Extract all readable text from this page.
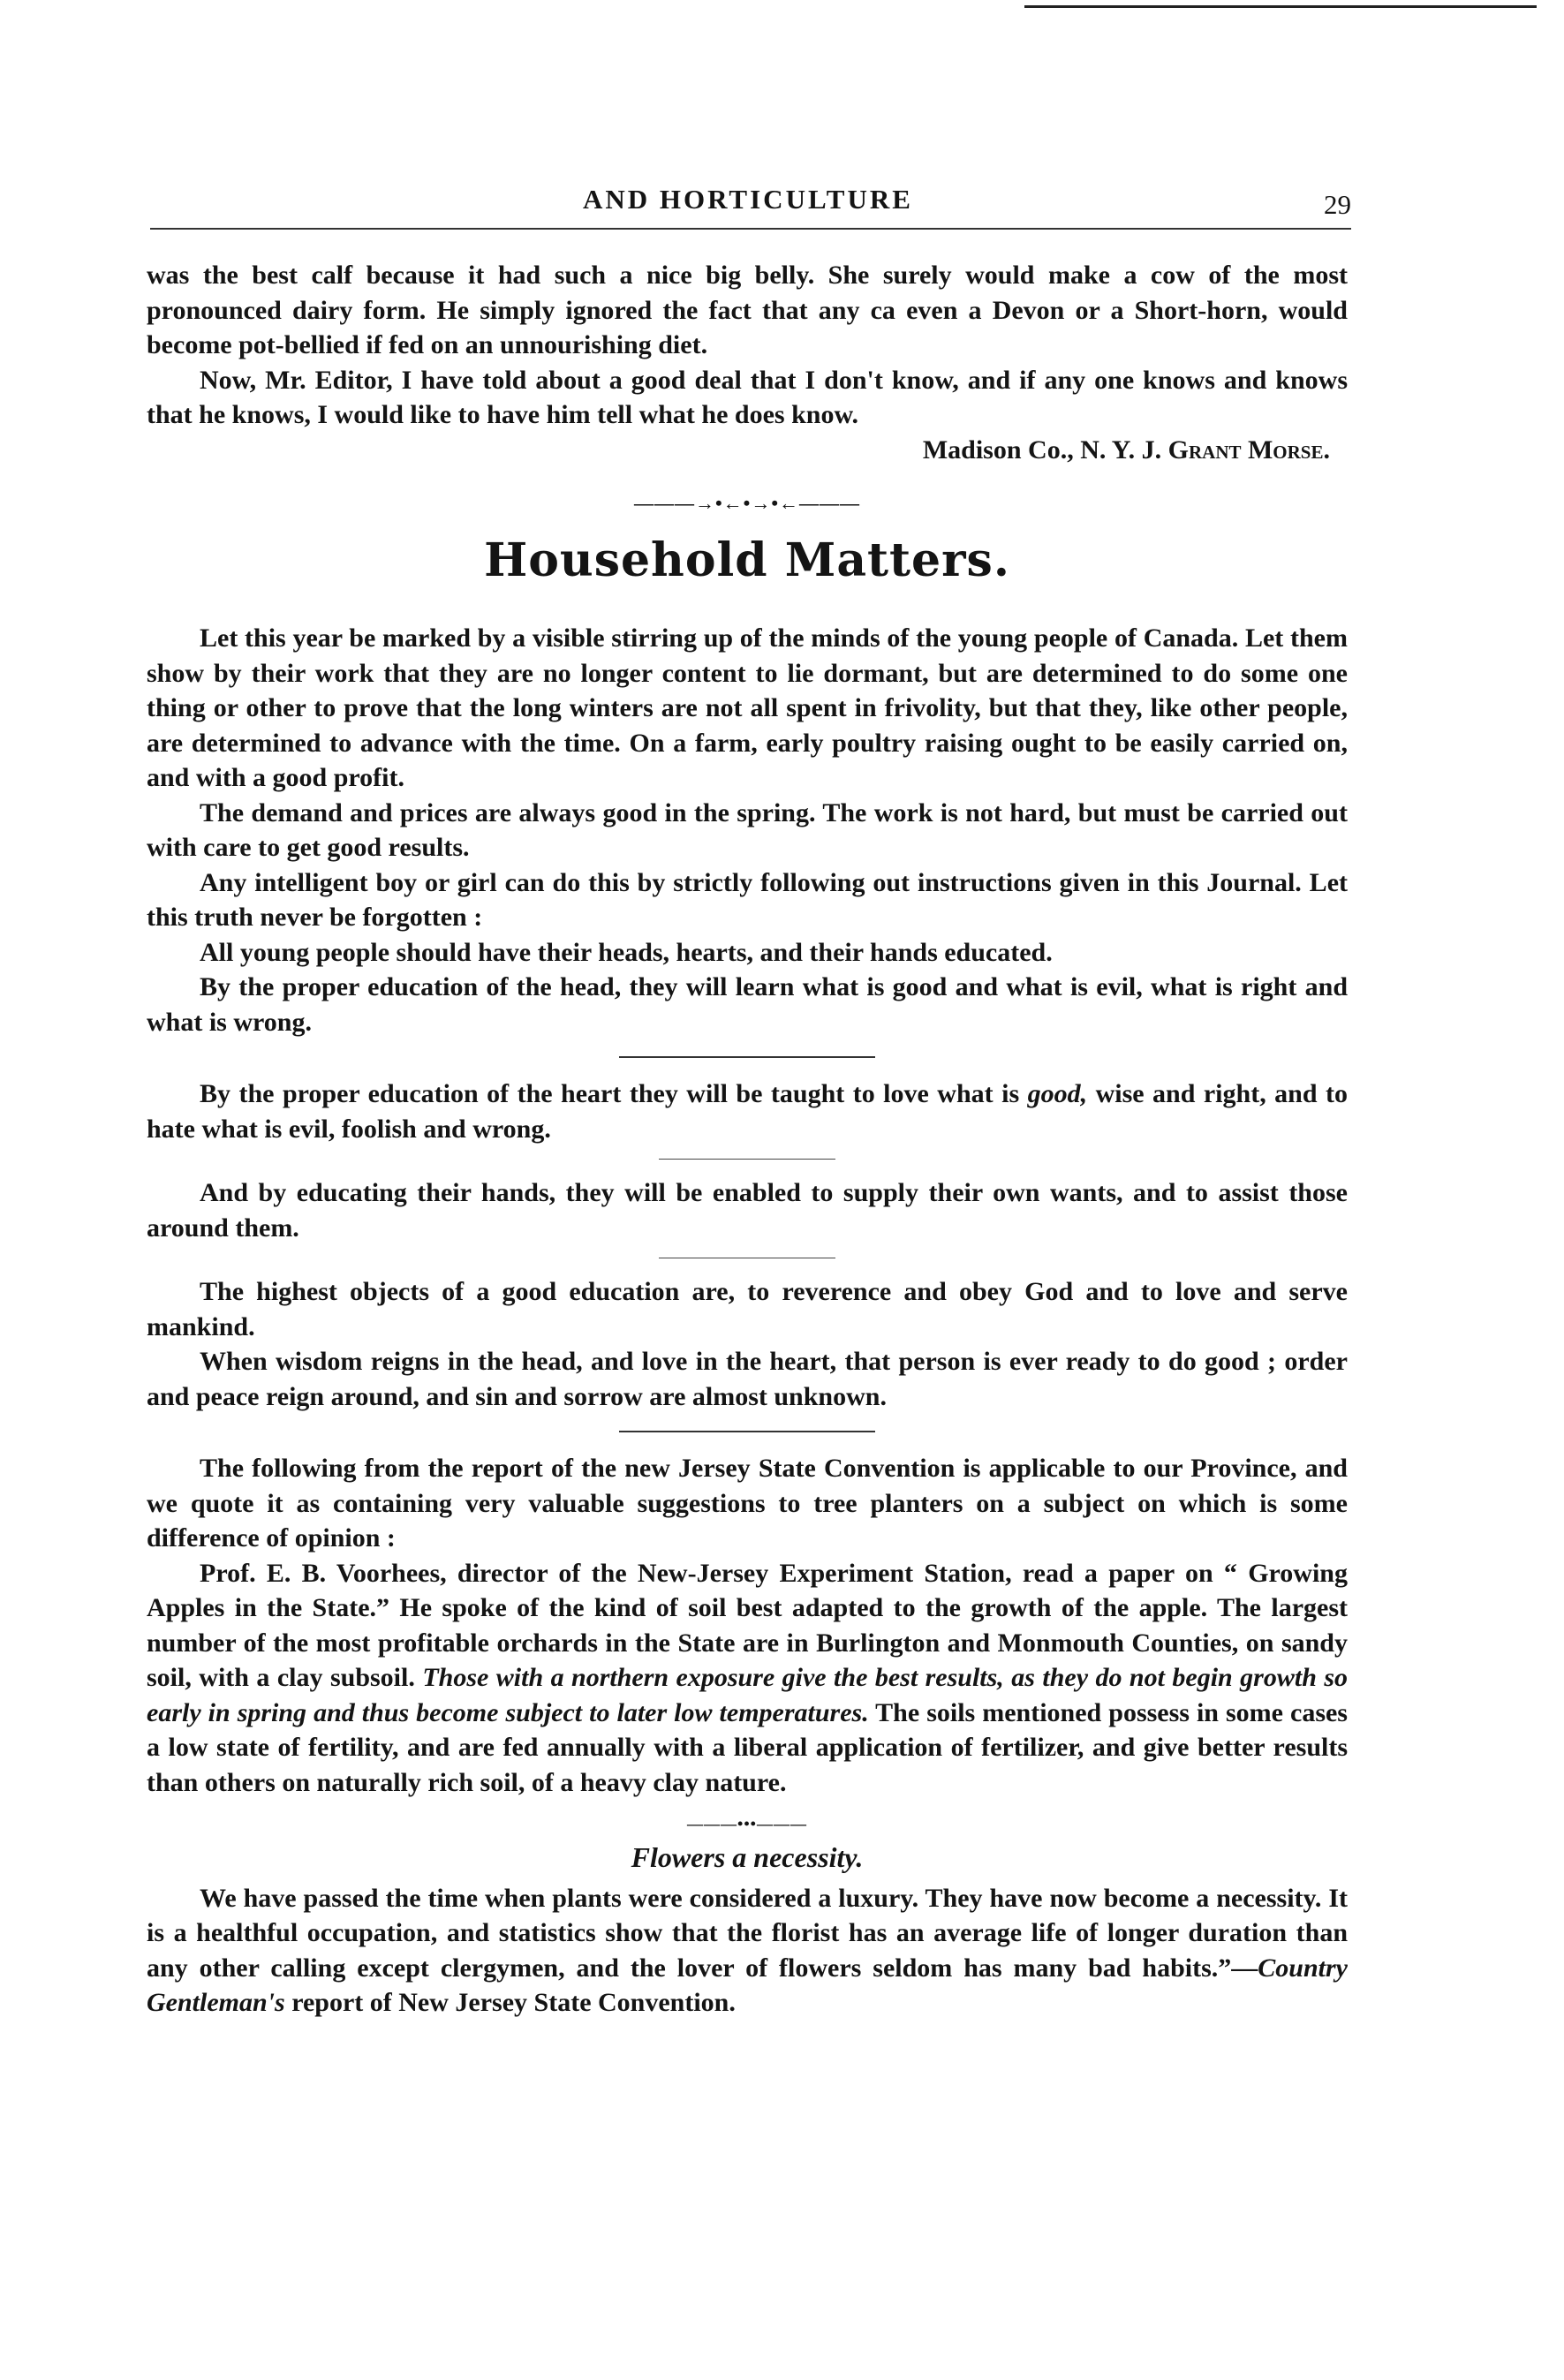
AND HORTICULTURE	29

was the best calf because it had such a nice big belly. She surely would make a cow of the most pronounced dairy form. He simply ignored the fact that any ca even a Devon or a Short-horn, would become pot-bellied if fed on an unnourishing diet.

Now, Mr. Editor, I have told about a good deal that I don't know, and if any one knows and knows that he knows, I would like to have him tell what he does know.

Madison Co., N. Y. J. Grant Morse.

———→•←•→•←———
Household Matters.

Let this year be marked by a visible stirring up of the minds of the young people of Canada. Let them show by their work that they are no longer content to lie dormant, but are determined to do some one thing or other to prove that the long winters are not all spent in frivolity, but that they, like other people, are determined to advance with the time. On a farm, early poultry raising ought to be easily carried on, and with a good profit.

The demand and prices are always good in the spring. The work is not hard, but must be carried out with care to get good results.

Any intelligent boy or girl can do this by strictly following out instructions given in this Journal. Let this truth never be forgotten :

All young people should have their heads, hearts, and their hands educated.

By the proper education of the head, they will learn what is good and what is evil, what is right and what is wrong.

By the proper education of the heart they will be taught to love what is good, wise and right, and to hate what is evil, foolish and wrong.

And by educating their hands, they will be enabled to supply their own wants, and to assist those around them.

The highest objects of a good education are, to reverence and obey God and to love and serve mankind.

When wisdom reigns in the head, and love in the heart, that person is ever ready to do good ; order and peace reign around, and sin and sorrow are almost unknown.

The following from the report of the new Jersey State Convention is applicable to our Province, and we quote it as containing very valuable suggestions to tree planters on a subject on which is some difference of opinion :

Prof. E. B. Voorhees, director of the New-Jersey Experiment Station, read a paper on “ Growing Apples in the State.” He spoke of the kind of soil best adapted to the growth of the apple. The largest number of the most profitable orchards in the State are in Burlington and Monmouth Counties, on sandy soil, with a clay subsoil. Those with a northern exposure give the best results, as they do not begin growth so early in spring and thus become subject to later low temperatures. The soils mentioned possess in some cases a low state of fertility, and are fed annually with a liberal application of fertilizer, and give better results than others on naturally rich soil, of a heavy clay nature.

———•••———
Flowers a necessity.

We have passed the time when plants were considered a luxury. They have now become a necessity. It is a healthful occupation, and statistics show that the florist has an average life of longer duration than any other calling except clergymen, and the lover of flowers seldom has many bad habits.”—Country Gentleman's report of New Jersey State Convention.
